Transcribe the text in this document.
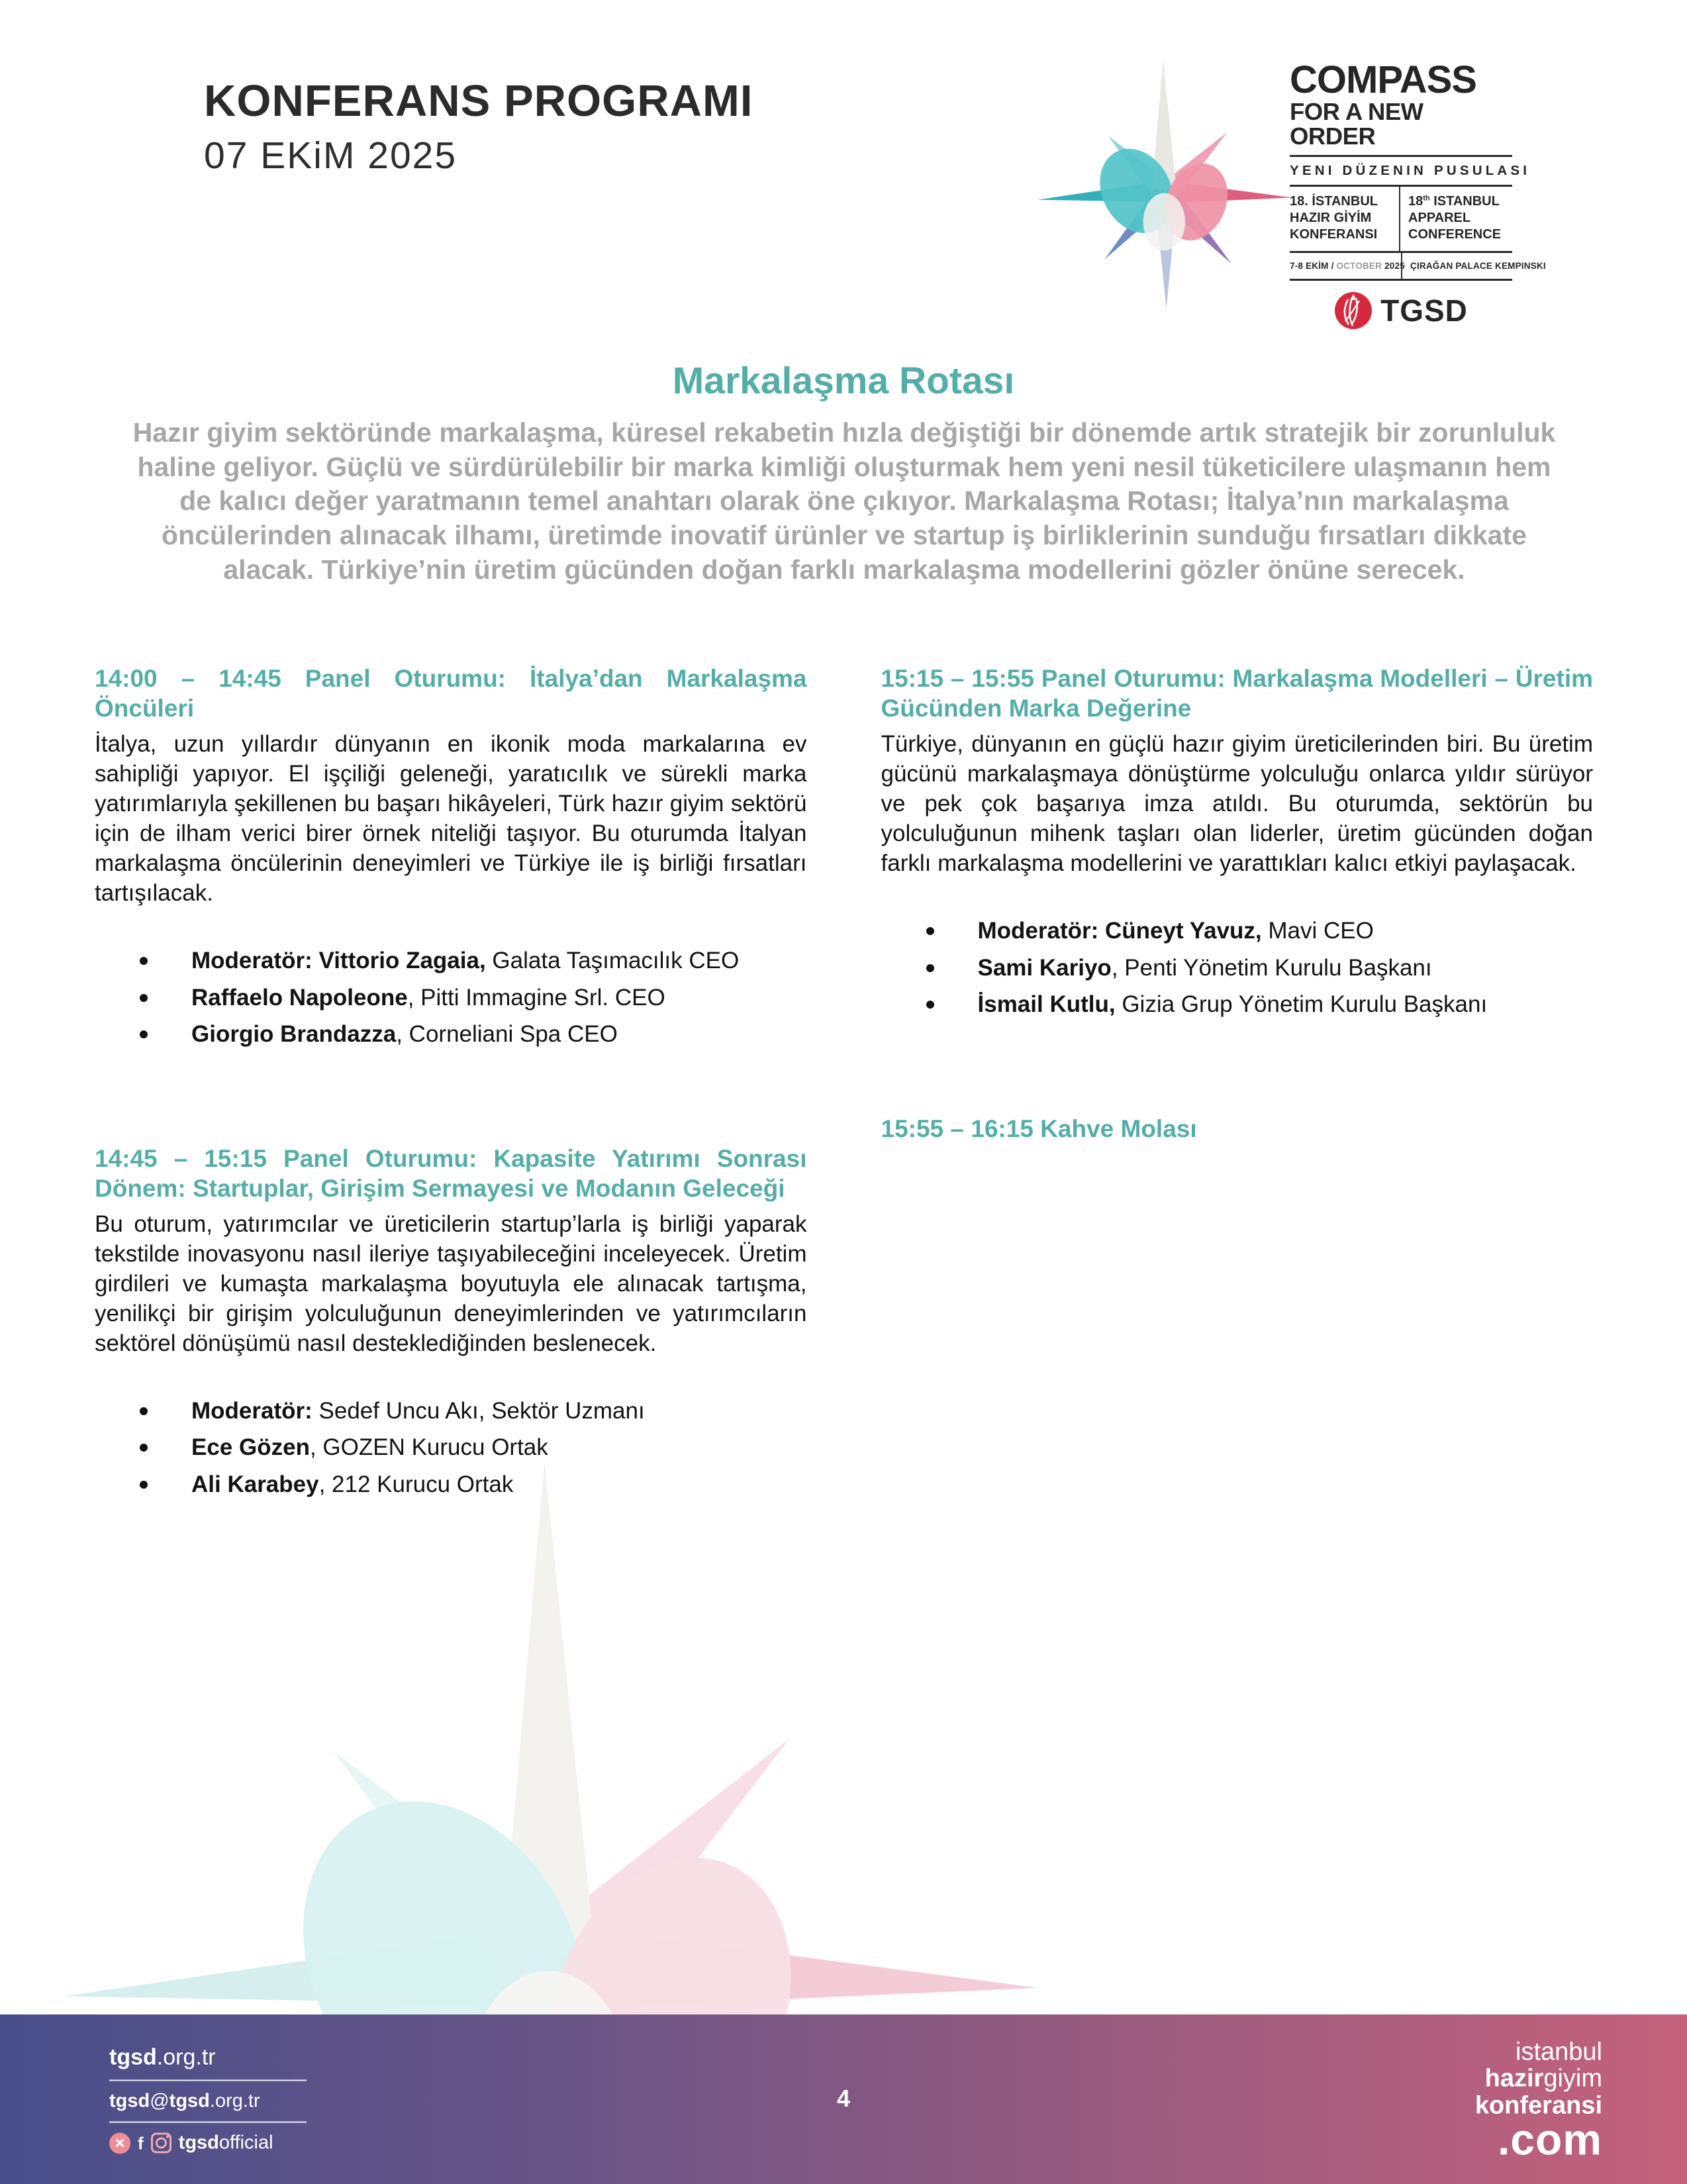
KONFERANS PROGRAMI
07 EKiM 2025
COMPASS
FOR A NEW ORDER
YENI DÜZENIN PUSULASI
18. İSTANBUL HAZIR GİYİM KONFERANSI
18th ISTANBUL APPAREL CONFERENCE
7-8 EKİM / OCTOBER 2025 ÇIRAĞAN PALACE KEMPINSKI
TGSD
Markalaşma Rotası
Hazır giyim sektöründe markalaşma, küresel rekabetin hızla değiştiği bir dönemde artık stratejik bir zorunluluk haline geliyor. Güçlü ve sürdürülebilir bir marka kimliği oluşturmak hem yeni nesil tüketicilere ulaşmanın hem de kalıcı değer yaratmanın temel anahtarı olarak öne çıkıyor. Markalaşma Rotası; İtalya’nın markalaşma öncülerinden alınacak ilhamı, üretimde inovatif ürünler ve startup iş birliklerinin sunduğu fırsatları dikkate alacak. Türkiye’nin üretim gücünden doğan farklı markalaşma modellerini gözler önüne serecek.
14:00 – 14:45 Panel Oturumu: İtalya’dan Markalaşma Öncüleri

İtalya, uzun yıllardır dünyanın en ikonik moda markalarına ev sahipliği yapıyor. El işçiliği geleneği, yaratıcılık ve sürekli marka yatırımlarıyla şekillenen bu başarı hikâyeleri, Türk hazır giyim sektörü için de ilham verici birer örnek niteliği taşıyor. Bu oturumda İtalyan markalaşma öncülerinin deneyimleri ve Türkiye ile iş birliği fırsatları tartışılacak.

Moderatör: Vittorio Zagaia, Galata Taşımacılık CEO
Raffaelo Napoleone, Pitti Immagine Srl. CEO
Giorgio Brandazza, Corneliani Spa CEO
14:45 – 15:15 Panel Oturumu: Kapasite Yatırımı Sonrası Dönem: Startuplar, Girişim Sermayesi ve Modanın Geleceği

Bu oturum, yatırımcılar ve üreticilerin startup’larla iş birliği yaparak tekstilde inovasyonu nasıl ileriye taşıyabileceğini inceleyecek. Üretim girdileri ve kumaşta markalaşma boyutuyla ele alınacak tartışma, yenilikçi bir girişim yolculuğunun deneyimlerinden ve yatırımcıların sektörel dönüşümü nasıl desteklediğinden beslenecek.

Moderatör: Sedef Uncu Akı, Sektör Uzmanı
Ece Gözen, GOZEN Kurucu Ortak
Ali Karabey, 212 Kurucu Ortak
15:15 – 15:55 Panel Oturumu: Markalaşma Modelleri – Üretim Gücünden Marka Değerine

Türkiye, dünyanın en güçlü hazır giyim üreticilerinden biri. Bu üretim gücünü markalaşmaya dönüştürme yolculuğu onlarca yıldır sürüyor ve pek çok başarıya imza atıldı. Bu oturumda, sektörün bu yolculuğunun mihenk taşları olan liderler, üretim gücünden doğan farklı markalaşma modellerini ve yarattıkları kalıcı etkiyi paylaşacak.

Moderatör: Cüneyt Yavuz, Mavi CEO
Sami Kariyo, Penti Yönetim Kurulu Başkanı
İsmail Kutlu, Gizia Grup Yönetim Kurulu Başkanı
15:55 – 16:15 Kahve Molası
tgsd.org.tr
tgsd@tgsd.org.tr
f tgsdofficial
4
istanbul
hazirgiyim
konferansi
.com
